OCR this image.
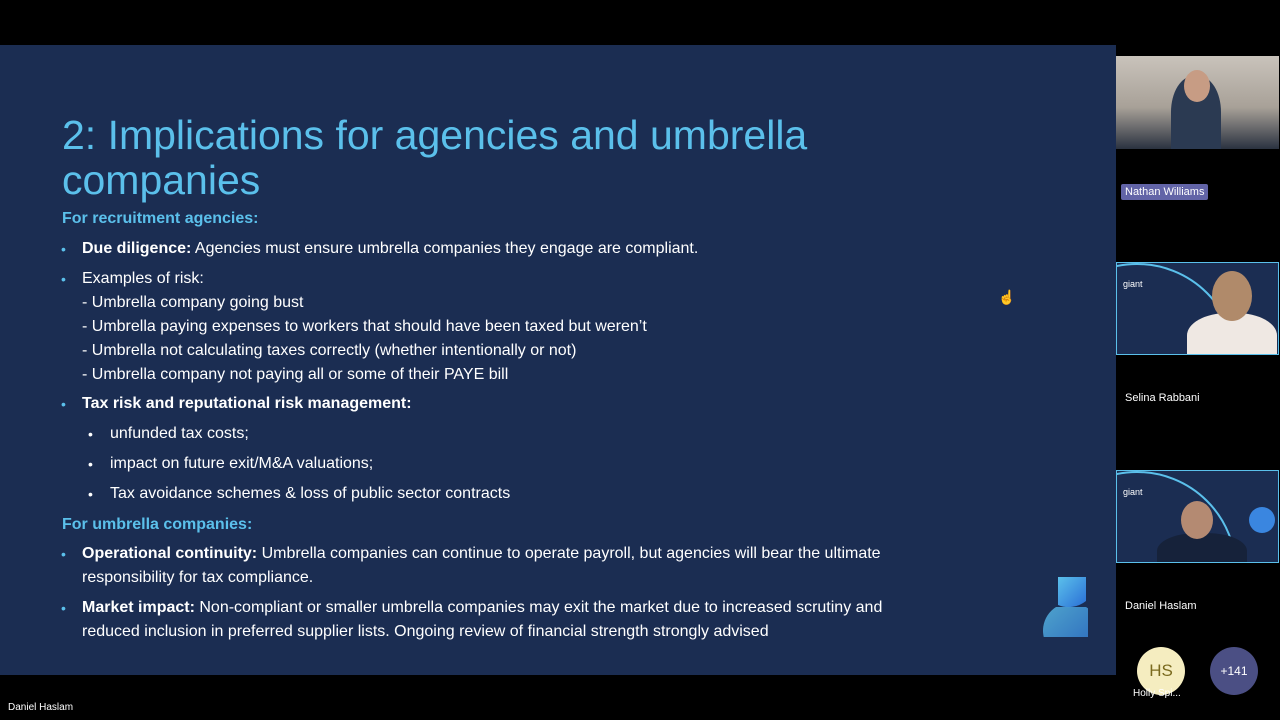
2: Implications for agencies and umbrella companies
For recruitment agencies:
• Due diligence: Agencies must ensure umbrella companies they engage are compliant.
• Examples of risk:
- Umbrella company going bust
- Umbrella paying expenses to workers that should have been taxed but weren’t
- Umbrella not calculating taxes correctly (whether intentionally or not)
- Umbrella company not paying all or some of their PAYE bill
• Tax risk and reputational risk management:
• unfunded tax costs;
• impact on future exit/M&A valuations;
• Tax avoidance schemes & loss of public sector contracts
For umbrella companies:
• Operational continuity: Umbrella companies can continue to operate payroll, but agencies will bear the ultimate responsibility for tax compliance.
• Market impact: Non-compliant or smaller umbrella companies may exit the market due to increased scrutiny and reduced inclusion in preferred supplier lists. Ongoing review of financial strength strongly advised
☝
Nathan Williams
giant
Selina Rabbani
giant
Daniel Haslam
HS
Holly Spi...
+141
Daniel Haslam
